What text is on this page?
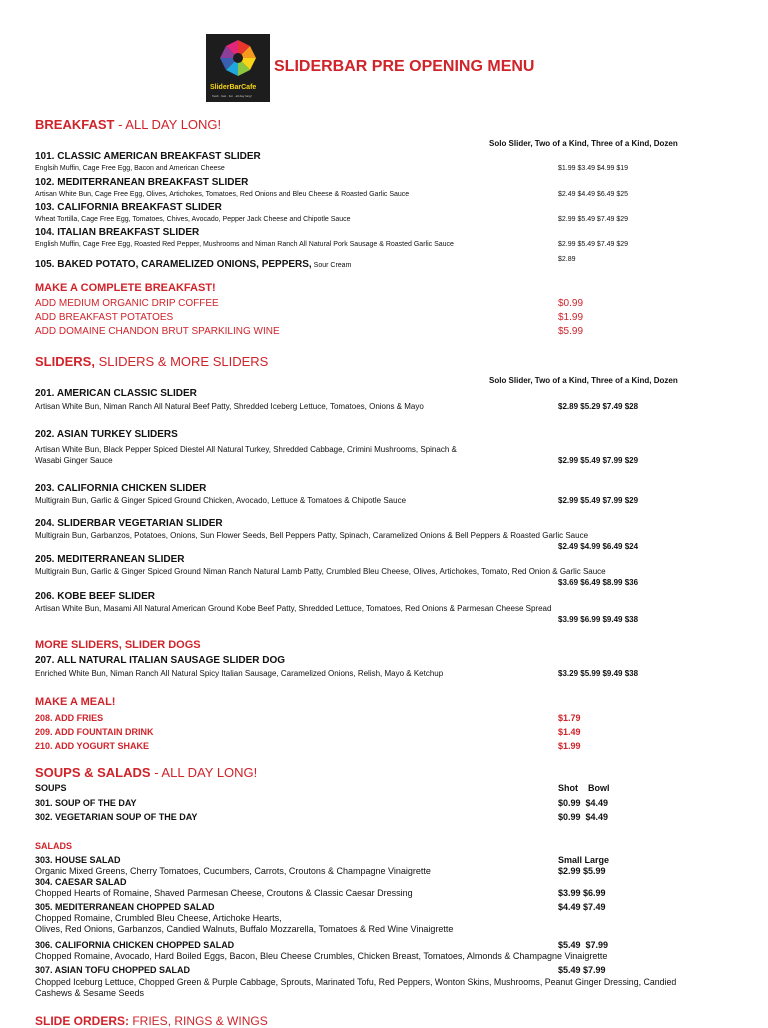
SliderBarCafe
fresh · fast · fun · all day long!
SLIDERBAR PRE OPENING MENU
BREAKFAST - ALL DAY LONG!
Solo Slider, Two of a Kind, Three of a Kind, Dozen
101. CLASSIC AMERICAN BREAKFAST SLIDER
Englsih Muffin, Cage Free Egg, Bacon and American Cheese	$1.99 $3.49 $4.99 $19
102. MEDITERRANEAN BREAKFAST SLIDER
Artisan White Bun, Cage Free Egg, Olives, Artichokes, Tomatoes, Red Onions and Bleu Cheese & Roasted Garlic Sauce	$2.49 $4.49 $6.49 $25
103. CALIFORNIA BREAKFAST SLIDER
Wheat Tortilla, Cage Free Egg, Tomatoes, Chives, Avocado, Pepper Jack Cheese and Chipotle Sauce	$2.99 $5.49 $7.49 $29
104. ITALIAN BREAKFAST SLIDER
English Muffin, Cage Free Egg, Roasted Red Pepper, Mushrooms and Niman Ranch All Natural Pork Sausage & Roasted Garlic Sauce	$2.99 $5.49 $7.49 $29
105. BAKED POTATO, CARAMELIZED ONIONS, PEPPERS, Sour Cream
$2.89
MAKE A COMPLETE BREAKFAST!
ADD MEDIUM ORGANIC DRIP COFFEE	$0.99
ADD BREAKFAST POTATOES	$1.99
ADD DOMAINE CHANDON BRUT SPARKILING WINE	$5.99
SLIDERS, SLIDERS & MORE SLIDERS
Solo Slider, Two of a Kind, Three of a Kind, Dozen
201. AMERICAN CLASSIC SLIDER
Artisan White Bun, Niman Ranch All Natural Beef Patty, Shredded Iceberg Lettuce, Tomatoes, Onions & Mayo	$2.89 $5.29 $7.49 $28
202. ASIAN TURKEY SLIDERS
Artisan White Bun, Black Pepper Spiced Diestel All Natural Turkey, Shredded Cabbage, Crimini Mushrooms, Spinach &
Wasabi Ginger Sauce	$2.99 $5.49 $7.99 $29
203. CALIFORNIA CHICKEN SLIDER
Multigrain Bun, Garlic & Ginger Spiced Ground Chicken, Avocado, Lettuce & Tomatoes & Chipotle Sauce	$2.99 $5.49 $7.99 $29
204. SLIDERBAR VEGETARIAN SLIDER
Multigrain Bun, Garbanzos, Potatoes, Onions, Sun Flower Seeds, Bell Peppers Patty, Spinach, Caramelized Onions & Bell Peppers & Roasted Garlic Sauce
$2.49 $4.99 $6.49 $24
205. MEDITERRANEAN SLIDER
Multigrain Bun, Garlic & Ginger Spiced Ground Niman Ranch Natural Lamb Patty, Crumbled Bleu Cheese, Olives, Artichokes, Tomato, Red Onion & Garlic Sauce
$3.69 $6.49 $8.99 $36
206. KOBE BEEF SLIDER
Artisan White Bun, Masami All Natural American Ground Kobe Beef Patty, Shredded Lettuce, Tomatoes, Red Onions & Parmesan Cheese Spread
$3.99 $6.99 $9.49 $38
MORE SLIDERS, SLIDER DOGS
207. ALL NATURAL ITALIAN SAUSAGE SLIDER DOG
Enriched White Bun, Niman Ranch All Natural Spicy Italian Sausage, Caramelized Onions, Relish, Mayo & Ketchup	$3.29 $5.99 $9.49 $38
MAKE A MEAL!
208. ADD FRIES	$1.79
209. ADD FOUNTAIN DRINK	$1.49
210. ADD YOGURT SHAKE	$1.99
SOUPS & SALADS - ALL DAY LONG!
SOUPS	Shot    Bowl
301. SOUP OF THE DAY	$0.99  $4.49
302. VEGETARIAN SOUP OF THE DAY	$0.99  $4.49
SALADS
303. HOUSE SALAD	Small Large
Organic Mixed Greens, Cherry Tomatoes, Cucumbers, Carrots, Croutons & Champagne Vinaigrette	$2.99 $5.99
304. CAESAR SALAD
Chopped Hearts of Romaine, Shaved Parmesan Cheese, Croutons & Classic Caesar Dressing	$3.99 $6.99
305. MEDITERRANEAN CHOPPED SALAD	$4.49 $7.49
Chopped Romaine, Crumbled Bleu Cheese, Artichoke Hearts,
Olives, Red Onions, Garbanzos, Candied Walnuts, Buffalo Mozzarella, Tomatoes & Red Wine Vinaigrette
306. CALIFORNIA CHICKEN CHOPPED SALAD	$5.49  $7.99
Chopped Romaine, Avocado, Hard Boiled Eggs, Bacon, Bleu Cheese Crumbles, Chicken Breast, Tomatoes, Almonds & Champagne Vinaigrette
307. ASIAN TOFU CHOPPED SALAD	$5.49 $7.99
Chopped Iceburg Lettuce, Chopped Green & Purple Cabbage, Sprouts, Marinated Tofu, Red Peppers, Wonton Skins, Mushrooms, Peanut Ginger Dressing, Candied
Cashews & Sesame Seeds
SLIDE ORDERS: FRIES, RINGS & WINGS
